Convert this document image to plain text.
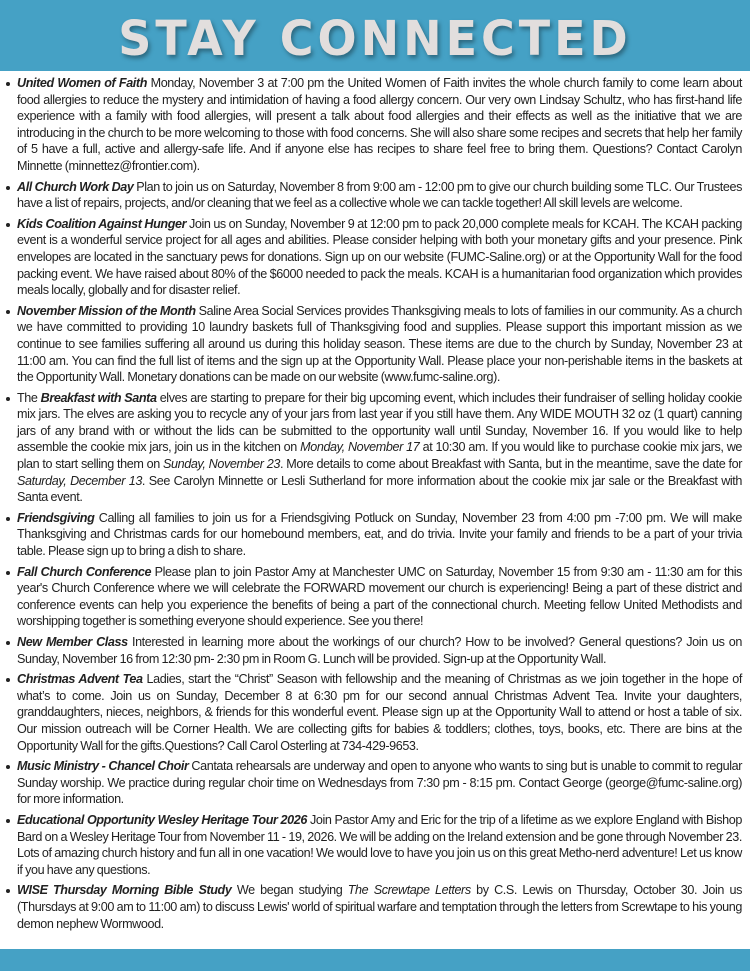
STAY CONNECTED
United Women of Faith Monday, November 3 at 7:00 pm the United Women of Faith invites the whole church family to come learn about food allergies to reduce the mystery and intimidation of having a food allergy concern. Our very own Lindsay Schultz, who has first-hand life experience with a family with food allergies, will present a talk about food allergies and their effects as well as the initiative that we are introducing in the church to be more welcoming to those with food concerns. She will also share some recipes and secrets that help her family of 5 have a full, active and allergy-safe life. And if anyone else has recipes to share feel free to bring them. Questions? Contact Carolyn Minnette (minnettez@frontier.com).
All Church Work Day Plan to join us on Saturday, November 8 from 9:00 am - 12:00 pm to give our church building some TLC. Our Trustees have a list of repairs, projects, and/or cleaning that we feel as a collective whole we can tackle together! All skill levels are welcome.
Kids Coalition Against Hunger Join us on Sunday, November 9 at 12:00 pm to pack 20,000 complete meals for KCAH. The KCAH packing event is a wonderful service project for all ages and abilities. Please consider helping with both your monetary gifts and your presence. Pink envelopes are located in the sanctuary pews for donations. Sign up on our website (FUMC-Saline.org) or at the Opportunity Wall for the food packing event. We have raised about 80% of the $6000 needed to pack the meals. KCAH is a humanitarian food organization which provides meals locally, globally and for disaster relief.
November Mission of the Month Saline Area Social Services provides Thanksgiving meals to lots of families in our community. As a church we have committed to providing 10 laundry baskets full of Thanksgiving food and supplies. Please support this important mission as we continue to see families suffering all around us during this holiday season. These items are due to the church by Sunday, November 23 at 11:00 am. You can find the full list of items and the sign up at the Opportunity Wall. Please place your non-perishable items in the baskets at the Opportunity Wall. Monetary donations can be made on our website (www.fumc-saline.org).
The Breakfast with Santa elves are starting to prepare for their big upcoming event, which includes their fundraiser of selling holiday cookie mix jars. The elves are asking you to recycle any of your jars from last year if you still have them. Any WIDE MOUTH 32 oz (1 quart) canning jars of any brand with or without the lids can be submitted to the opportunity wall until Sunday, November 16. If you would like to help assemble the cookie mix jars, join us in the kitchen on Monday, November 17 at 10:30 am. If you would like to purchase cookie mix jars, we plan to start selling them on Sunday, November 23. More details to come about Breakfast with Santa, but in the meantime, save the date for Saturday, December 13. See Carolyn Minnette or Lesli Sutherland for more information about the cookie mix jar sale or the Breakfast with Santa event.
Friendsgiving Calling all families to join us for a Friendsgiving Potluck on Sunday, November 23 from 4:00 pm -7:00 pm. We will make Thanksgiving and Christmas cards for our homebound members, eat, and do trivia. Invite your family and friends to be a part of your trivia table. Please sign up to bring a dish to share.
Fall Church Conference Please plan to join Pastor Amy at Manchester UMC on Saturday, November 15 from 9:30 am - 11:30 am for this year's Church Conference where we will celebrate the FORWARD movement our church is experiencing! Being a part of these district and conference events can help you experience the benefits of being a part of the connectional church. Meeting fellow United Methodists and worshipping together is something everyone should experience. See you there!
New Member Class Interested in learning more about the workings of our church? How to be involved? General questions? Join us on Sunday, November 16 from 12:30 pm- 2:30 pm in Room G. Lunch will be provided. Sign-up at the Opportunity Wall.
Christmas Advent Tea Ladies, start the “Christ” Season with fellowship and the meaning of Christmas as we join together in the hope of what’s to come. Join us on Sunday, December 8 at 6:30 pm for our second annual Christmas Advent Tea. Invite your daughters, granddaughters, nieces, neighbors, & friends for this wonderful event. Please sign up at the Opportunity Wall to attend or host a table of six. Our mission outreach will be Corner Health. We are collecting gifts for babies & toddlers; clothes, toys, books, etc. There are bins at the Opportunity Wall for the gifts.Questions? Call Carol Osterling at 734-429-9653.
Music Ministry - Chancel Choir Cantata rehearsals are underway and open to anyone who wants to sing but is unable to commit to regular Sunday worship. We practice during regular choir time on Wednesdays from 7:30 pm - 8:15 pm. Contact George (george@fumc-saline.org) for more information.
Educational Opportunity Wesley Heritage Tour 2026 Join Pastor Amy and Eric for the trip of a lifetime as we explore England with Bishop Bard on a Wesley Heritage Tour from November 11 - 19, 2026. We will be adding on the Ireland extension and be gone through November 23. Lots of amazing church history and fun all in one vacation! We would love to have you join us on this great Metho-nerd adventure! Let us know if you have any questions.
WISE Thursday Morning Bible Study We began studying The Screwtape Letters by C.S. Lewis on Thursday, October 30. Join us (Thursdays at 9:00 am to 11:00 am) to discuss Lewis' world of spiritual warfare and temptation through the letters from Screwtape to his young demon nephew Wormwood.
